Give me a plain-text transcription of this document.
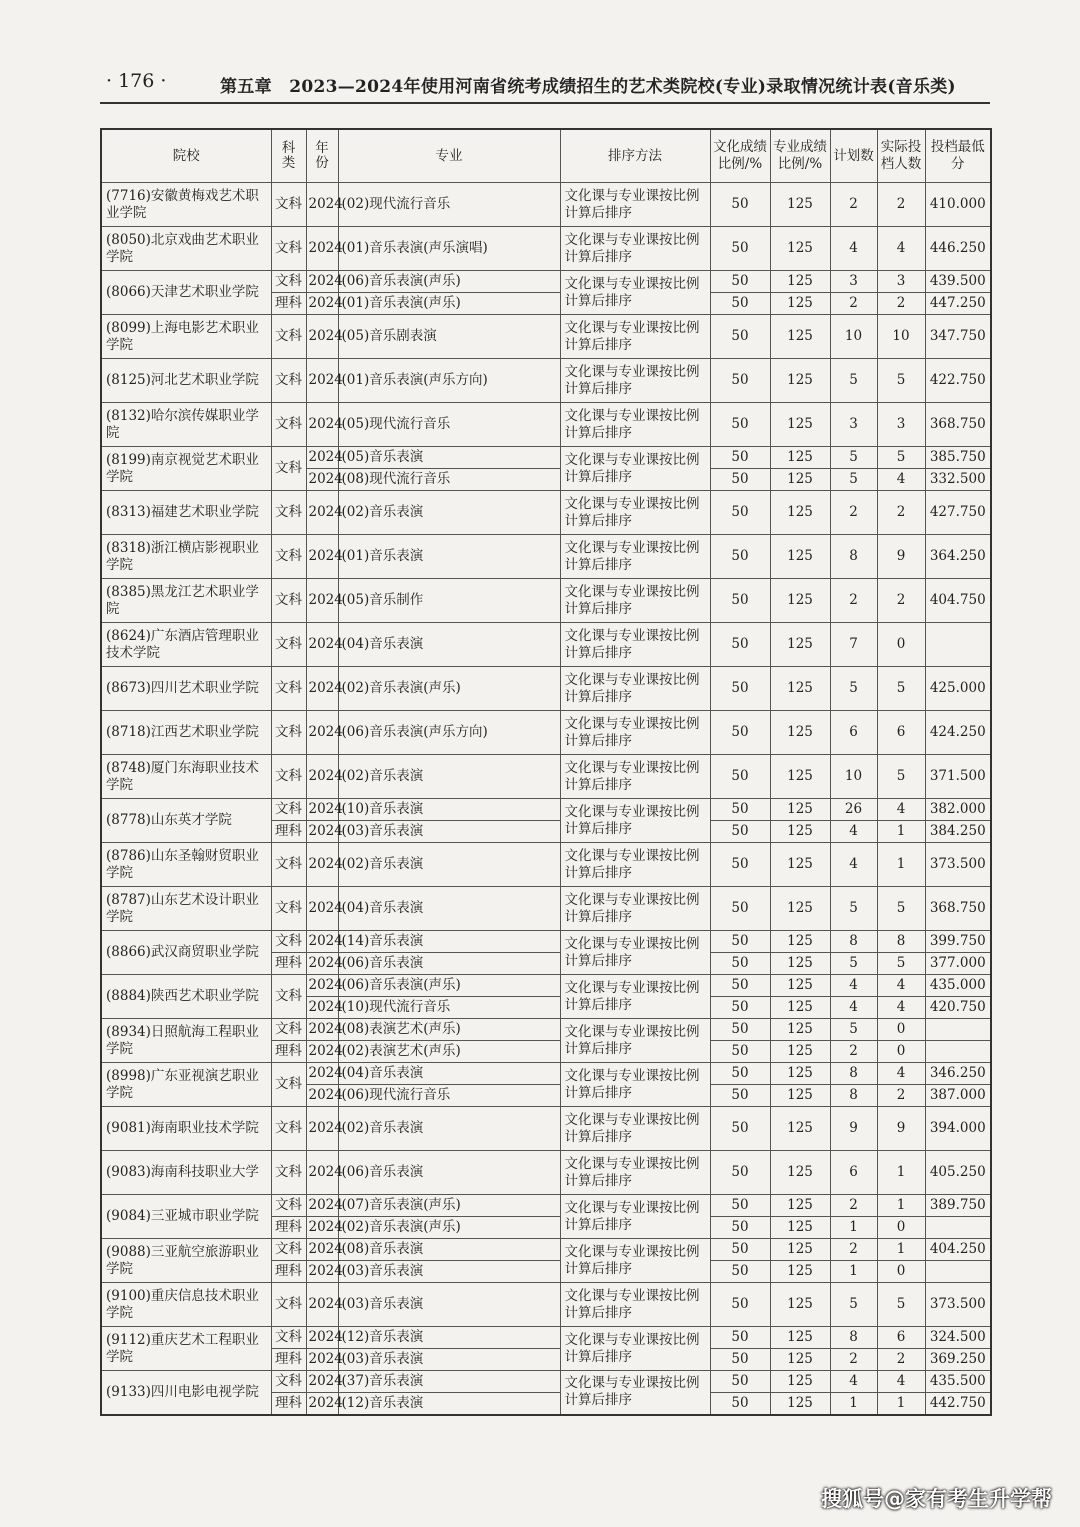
· 176 ·	第五章　2023—2024年使用河南省统考成绩招生的艺术类院校(专业)录取情况统计表(音乐类)
院校	科类	年份	专业	排序方法	文化成绩比例/%	专业成绩比例/%	计划数	实际投档人数	投档最低分
(7716)安徽黄梅戏艺术职业学院	文科	2024	(02)现代流行音乐	文化课与专业课按比例计算后排序	50	125	2	2	410.000
(8050)北京戏曲艺术职业学院	文科	2024	(01)音乐表演(声乐演唱)	文化课与专业课按比例计算后排序	50	125	4	4	446.250
(8066)天津艺术职业学院	文科	2024	(06)音乐表演(声乐)	文化课与专业课按比例计算后排序	50	125	3	3	439.500
	理科	2024	(01)音乐表演(声乐)		50	125	2	2	447.250
(8099)上海电影艺术职业学院	文科	2024	(05)音乐剧表演	文化课与专业课按比例计算后排序	50	125	10	10	347.750
(8125)河北艺术职业学院	文科	2024	(01)音乐表演(声乐方向)	文化课与专业课按比例计算后排序	50	125	5	5	422.750
(8132)哈尔滨传媒职业学院	文科	2024	(05)现代流行音乐	文化课与专业课按比例计算后排序	50	125	3	3	368.750
(8199)南京视觉艺术职业学院	文科	2024	(05)音乐表演	文化课与专业课按比例计算后排序	50	125	5	5	385.750
		2024	(08)现代流行音乐		50	125	5	4	332.500
(8313)福建艺术职业学院	文科	2024	(02)音乐表演	文化课与专业课按比例计算后排序	50	125	2	2	427.750
(8318)浙江横店影视职业学院	文科	2024	(01)音乐表演	文化课与专业课按比例计算后排序	50	125	8	9	364.250
(8385)黑龙江艺术职业学院	文科	2024	(05)音乐制作	文化课与专业课按比例计算后排序	50	125	2	2	404.750
(8624)广东酒店管理职业技术学院	文科	2024	(04)音乐表演	文化课与专业课按比例计算后排序	50	125	7	0	
(8673)四川艺术职业学院	文科	2024	(02)音乐表演(声乐)	文化课与专业课按比例计算后排序	50	125	5	5	425.000
(8718)江西艺术职业学院	文科	2024	(06)音乐表演(声乐方向)	文化课与专业课按比例计算后排序	50	125	6	6	424.250
(8748)厦门东海职业技术学院	文科	2024	(02)音乐表演	文化课与专业课按比例计算后排序	50	125	10	5	371.500
(8778)山东英才学院	文科	2024	(10)音乐表演	文化课与专业课按比例计算后排序	50	125	26	4	382.000
	理科	2024	(03)音乐表演		50	125	4	1	384.250
(8786)山东圣翰财贸职业学院	文科	2024	(02)音乐表演	文化课与专业课按比例计算后排序	50	125	4	1	373.500
(8787)山东艺术设计职业学院	文科	2024	(04)音乐表演	文化课与专业课按比例计算后排序	50	125	5	5	368.750
(8866)武汉商贸职业学院	文科	2024	(14)音乐表演	文化课与专业课按比例计算后排序	50	125	8	8	399.750
	理科	2024	(06)音乐表演		50	125	5	5	377.000
(8884)陕西艺术职业学院	文科	2024	(06)音乐表演(声乐)	文化课与专业课按比例计算后排序	50	125	4	4	435.000
		2024	(10)现代流行音乐		50	125	4	4	420.750
(8934)日照航海工程职业学院	文科	2024	(08)表演艺术(声乐)	文化课与专业课按比例计算后排序	50	125	5	0	
	理科	2024	(02)表演艺术(声乐)		50	125	2	0	
(8998)广东亚视演艺职业学院	文科	2024	(04)音乐表演	文化课与专业课按比例计算后排序	50	125	8	4	346.250
		2024	(06)现代流行音乐		50	125	8	2	387.000
(9081)海南职业技术学院	文科	2024	(02)音乐表演	文化课与专业课按比例计算后排序	50	125	9	9	394.000
(9083)海南科技职业大学	文科	2024	(06)音乐表演	文化课与专业课按比例计算后排序	50	125	6	1	405.250
(9084)三亚城市职业学院	文科	2024	(07)音乐表演(声乐)	文化课与专业课按比例计算后排序	50	125	2	1	389.750
	理科	2024	(02)音乐表演(声乐)		50	125	1	0	
(9088)三亚航空旅游职业学院	文科	2024	(08)音乐表演	文化课与专业课按比例计算后排序	50	125	2	1	404.250
	理科	2024	(03)音乐表演		50	125	1	0	
(9100)重庆信息技术职业学院	文科	2024	(03)音乐表演	文化课与专业课按比例计算后排序	50	125	5	5	373.500
(9112)重庆艺术工程职业学院	文科	2024	(12)音乐表演	文化课与专业课按比例计算后排序	50	125	8	6	324.500
	理科	2024	(03)音乐表演		50	125	2	2	369.250
(9133)四川电影电视学院	文科	2024	(37)音乐表演	文化课与专业课按比例计算后排序	50	125	4	4	435.500
	理科	2024	(12)音乐表演		50	125	1	1	442.750
搜狐号@家有考生升学帮
